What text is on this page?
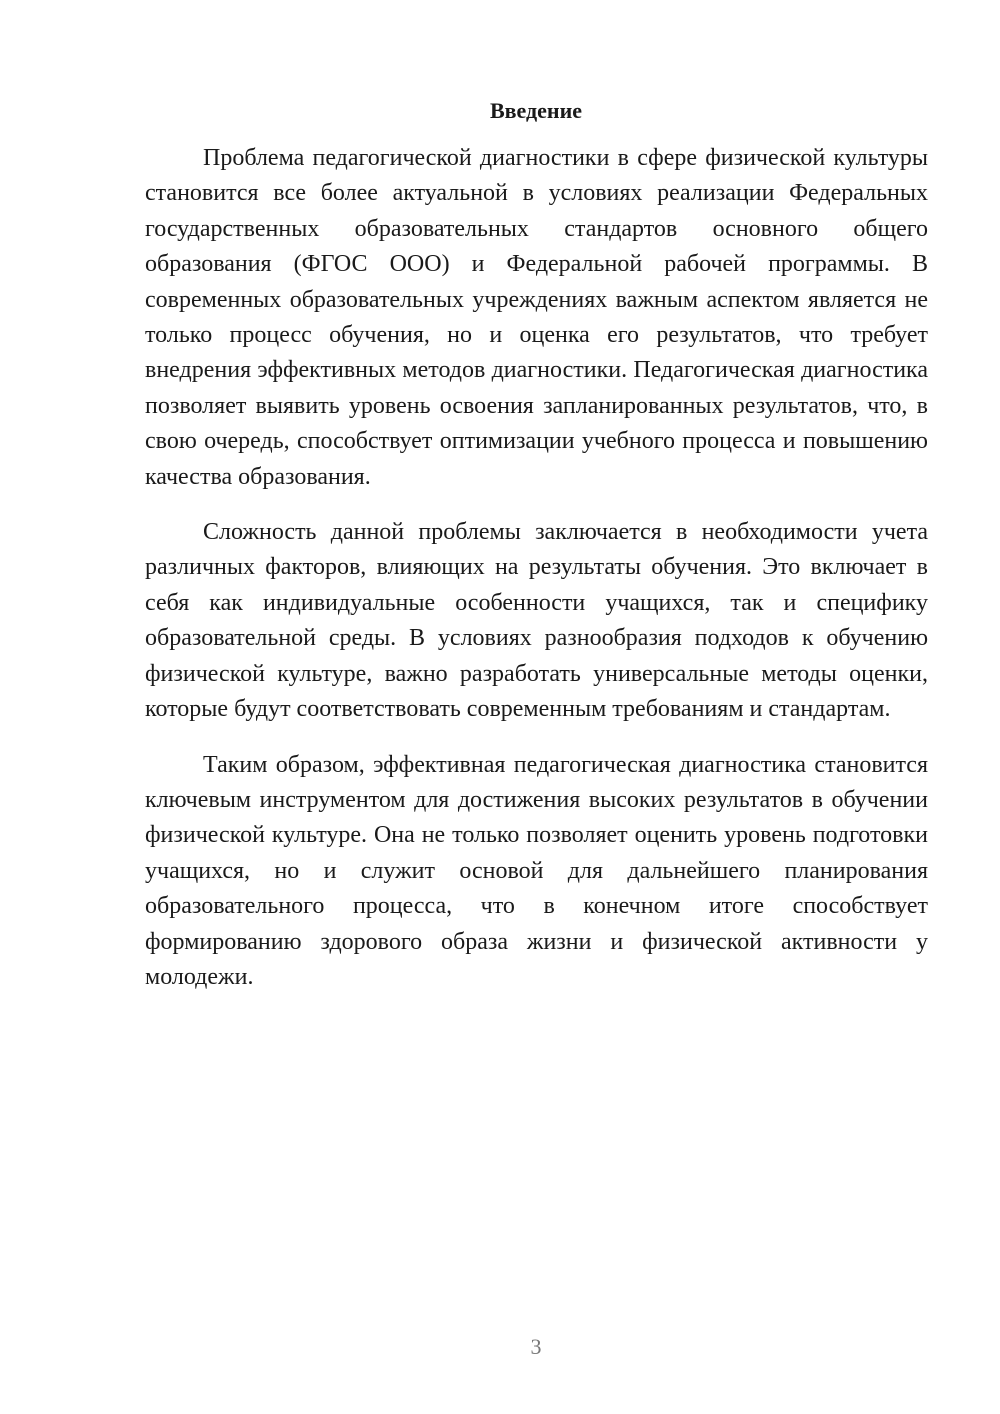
Введение

Проблема педагогической диагностики в сфере физической культуры становится все более актуальной в условиях реализации Федеральных государственных образовательных стандартов основного общего образования (ФГОС ООО) и Федеральной рабочей программы. В современных образовательных учреждениях важным аспектом является не только процесс обучения, но и оценка его результатов, что требует внедрения эффективных методов диагностики. Педагогическая диагностика позволяет выявить уровень освоения запланированных результатов, что, в свою очередь, способствует оптимизации учебного процесса и повышению качества образования.

Сложность данной проблемы заключается в необходимости учета различных факторов, влияющих на результаты обучения. Это включает в себя как индивидуальные особенности учащихся, так и специфику образовательной среды. В условиях разнообразия подходов к обучению физической культуре, важно разработать универсальные методы оценки, которые будут соответствовать современным требованиям и стандартам.

Таким образом, эффективная педагогическая диагностика становится ключевым инструментом для достижения высоких результатов в обучении физической культуре. Она не только позволяет оценить уровень подготовки учащихся, но и служит основой для дальнейшего планирования образовательного процесса, что в конечном итоге способствует формированию здорового образа жизни и физической активности у молодежи.

3
